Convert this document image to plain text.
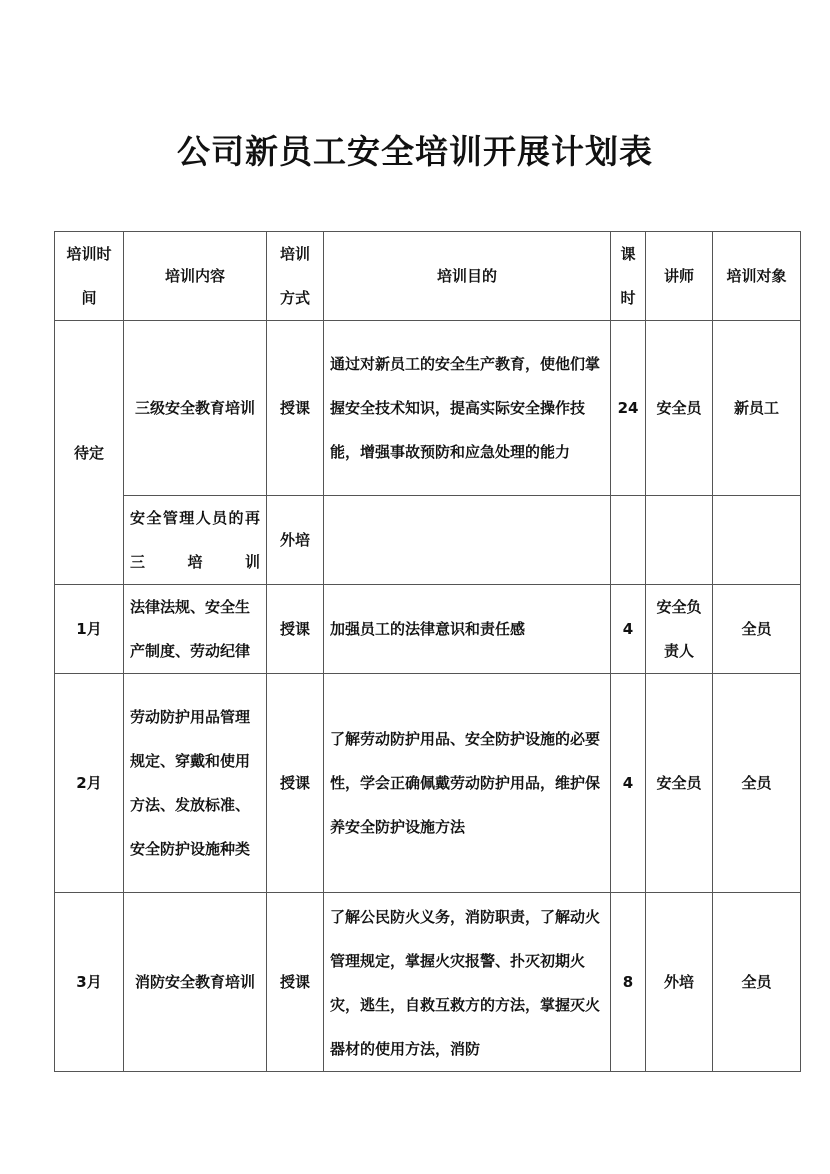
公司新员工安全培训开展计划表
培训时间	培训内容	培训方式	培训目的	课时	讲师	培训对象
待定	三级安全教育培训	授课	通过对新员工的安全生产教育，使他们掌握安全技术知识，提高实际安全操作技能，增强事故预防和应急处理的能力	24	安全员	新员工
	安全管理人员的再三培训	外培				
1月	法律法规、安全生产制度、劳动纪律	授课	加强员工的法律意识和责任感	4	安全负责人	全员
2月	劳动防护用品管理规定、穿戴和使用方法、发放标准、安全防护设施种类	授课	了解劳动防护用品、安全防护设施的必要性，学会正确佩戴劳动防护用品，维护保养安全防护设施方法	4	安全员	全员
3月	消防安全教育培训	授课	了解公民防火义务，消防职责，了解动火管理规定，掌握火灾报警、扑灭初期火灾，逃生，自救互救方的方法，掌握灭火器材的使用方法，消防	8	外培	全员
